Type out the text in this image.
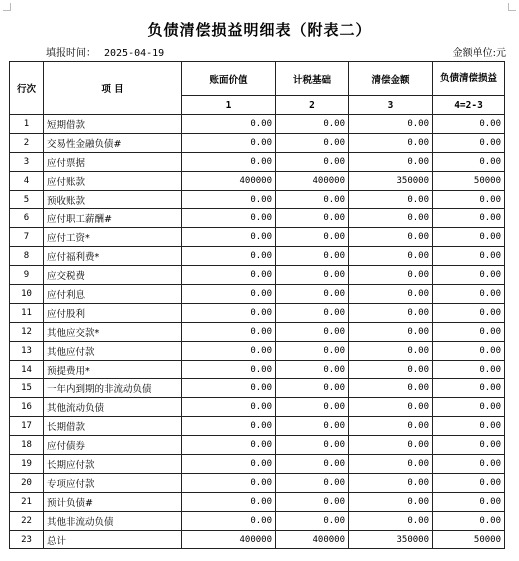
负债清偿损益明细表（附表二）
填报时间： 2025-04-19	金额单位:元
行次	项 目	账面价值	计税基础	清偿金额	负债清偿损益
		1	2	3	4=2-3
1	短期借款	0.00	0.00	0.00	0.00
2	交易性金融负债#	0.00	0.00	0.00	0.00
3	应付票据	0.00	0.00	0.00	0.00
4	应付账款	400000	400000	350000	50000
5	预收账款	0.00	0.00	0.00	0.00
6	应付职工薪酬#	0.00	0.00	0.00	0.00
7	应付工资*	0.00	0.00	0.00	0.00
8	应付福利费*	0.00	0.00	0.00	0.00
9	应交税费	0.00	0.00	0.00	0.00
10	应付利息	0.00	0.00	0.00	0.00
11	应付股利	0.00	0.00	0.00	0.00
12	其他应交款*	0.00	0.00	0.00	0.00
13	其他应付款	0.00	0.00	0.00	0.00
14	预提费用*	0.00	0.00	0.00	0.00
15	一年内到期的非流动负债	0.00	0.00	0.00	0.00
16	其他流动负债	0.00	0.00	0.00	0.00
17	长期借款	0.00	0.00	0.00	0.00
18	应付债券	0.00	0.00	0.00	0.00
19	长期应付款	0.00	0.00	0.00	0.00
20	专项应付款	0.00	0.00	0.00	0.00
21	预计负债#	0.00	0.00	0.00	0.00
22	其他非流动负债	0.00	0.00	0.00	0.00
23	总计	400000	400000	350000	50000
